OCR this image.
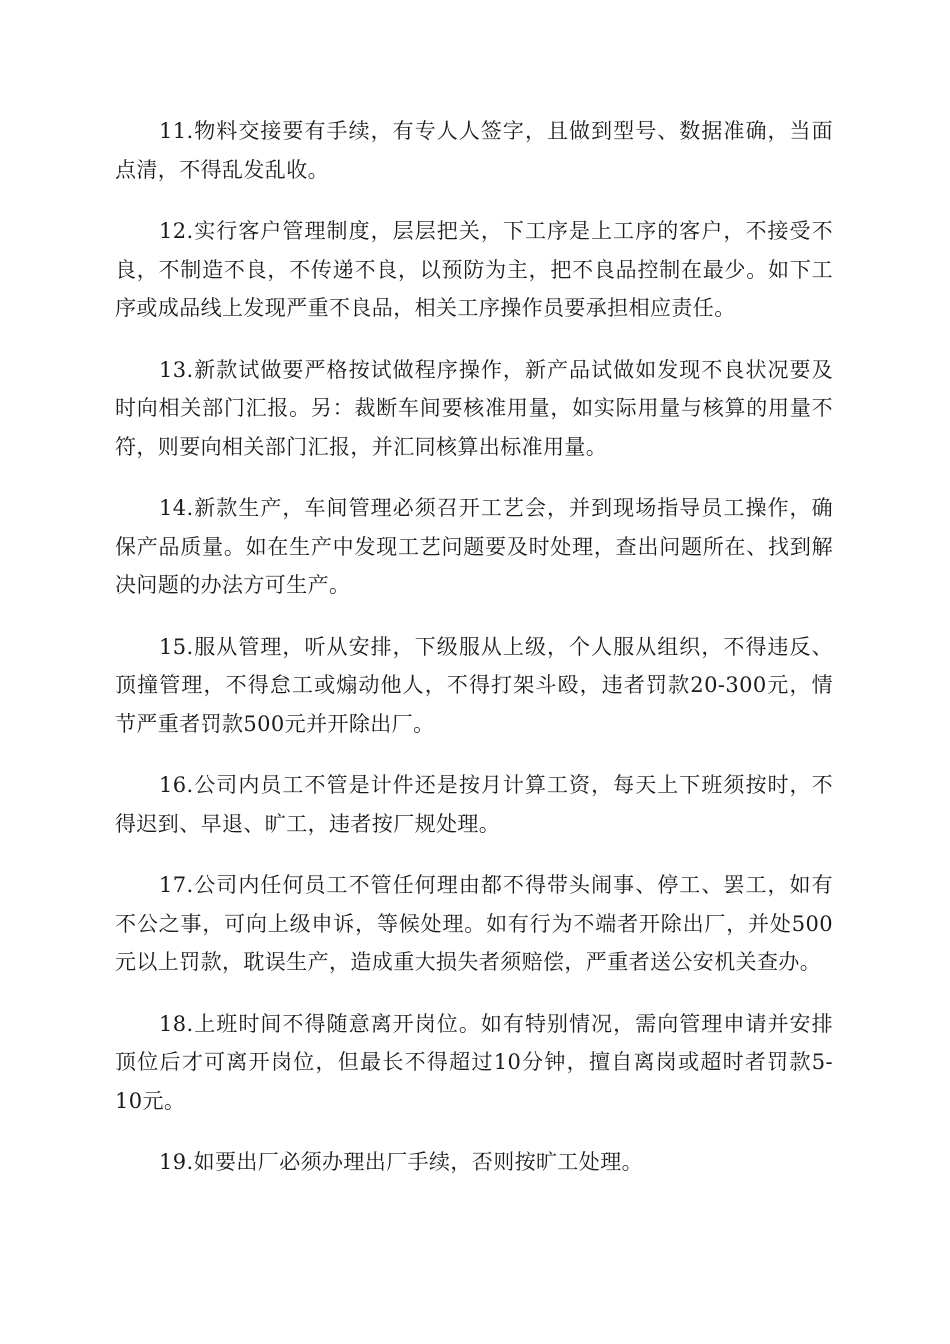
11.物料交接要有手续，有专人人签字，且做到型号、数据准确，当面点清，不得乱发乱收。

12.实行客户管理制度，层层把关，下工序是上工序的客户，不接受不良，不制造不良，不传递不良，以预防为主，把不良品控制在最少。如下工序或成品线上发现严重不良品，相关工序操作员要承担相应责任。

13.新款试做要严格按试做程序操作，新产品试做如发现不良状况要及时向相关部门汇报。另：裁断车间要核准用量，如实际用量与核算的用量不符，则要向相关部门汇报，并汇同核算出标准用量。

14.新款生产，车间管理必须召开工艺会，并到现场指导员工操作，确保产品质量。如在生产中发现工艺问题要及时处理，查出问题所在、找到解决问题的办法方可生产。

15.服从管理，听从安排，下级服从上级，个人服从组织，不得违反、顶撞管理，不得怠工或煽动他人，不得打架斗殴，违者罚款20-300元，情节严重者罚款500元并开除出厂。

16.公司内员工不管是计件还是按月计算工资，每天上下班须按时，不得迟到、早退、旷工，违者按厂规处理。

17.公司内任何员工不管任何理由都不得带头闹事、停工、罢工，如有不公之事，可向上级申诉，等候处理。如有行为不端者开除出厂，并处500元以上罚款，耽误生产，造成重大损失者须赔偿，严重者送公安机关查办。

18.上班时间不得随意离开岗位。如有特别情况，需向管理申请并安排顶位后才可离开岗位，但最长不得超过10分钟，擅自离岗或超时者罚款5-10元。

19.如要出厂必须办理出厂手续，否则按旷工处理。
